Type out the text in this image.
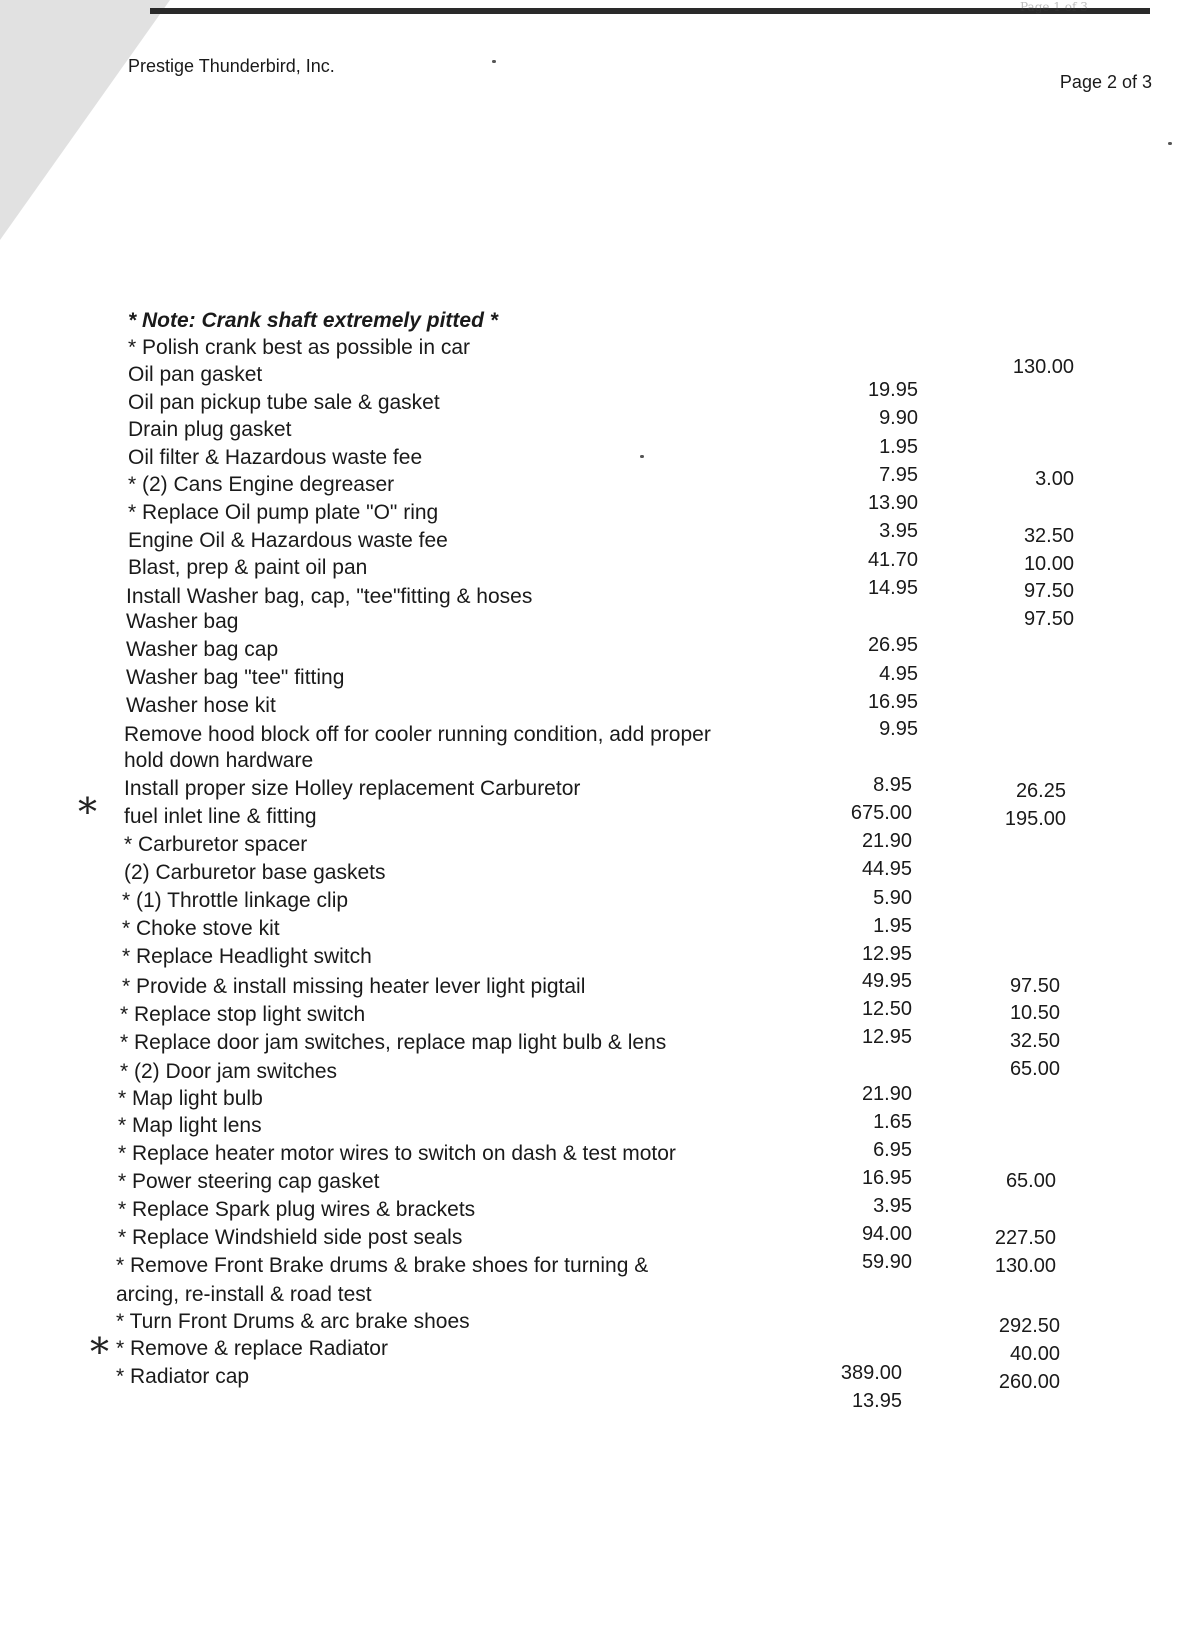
Page 1 of 3
Prestige Thunderbird, Inc.
Page 2 of 3
* Note: Crank shaft extremely pitted *
* Polish crank best as possible in car
Oil pan gasket
Oil pan pickup tube sale & gasket
Drain plug gasket
Oil filter & Hazardous waste fee
* (2) Cans Engine degreaser
* Replace Oil pump plate "O" ring
Engine Oil & Hazardous waste fee
Blast, prep & paint oil pan
Install Washer bag, cap, "tee"fitting & hoses
Washer bag
Washer bag cap
Washer bag "tee" fitting
Washer hose kit
Remove hood block off for cooler running condition, add proper
hold down hardware
Install proper size Holley replacement Carburetor
fuel inlet line & fitting
* Carburetor spacer
(2) Carburetor base gaskets
* (1) Throttle linkage clip
* Choke stove kit
* Replace Headlight switch
* Provide & install missing heater lever light pigtail
* Replace stop light switch
* Replace door jam switches, replace map light bulb & lens
* (2) Door jam switches
* Map light bulb
* Map light lens
* Replace heater motor wires to switch on dash & test motor
* Power steering cap gasket
* Replace Spark plug wires & brackets
* Replace Windshield side post seals
* Remove Front Brake drums & brake shoes for turning &
arcing, re-install & road test
* Turn Front Drums & arc brake shoes
* Remove & replace Radiator
* Radiator cap
19.95
9.90
1.95
7.95
13.90
3.95
41.70
14.95
26.95
4.95
16.95
9.95
8.95
675.00
21.90
44.95
5.90
1.95
12.95
49.95
12.50
12.95
21.90
1.65
6.95
16.95
3.95
94.00
59.90
389.00
13.95
130.00
3.00
32.50
10.00
97.50
97.50
26.25
195.00
97.50
10.50
32.50
65.00
65.00
227.50
130.00
292.50
40.00
260.00
*
*
